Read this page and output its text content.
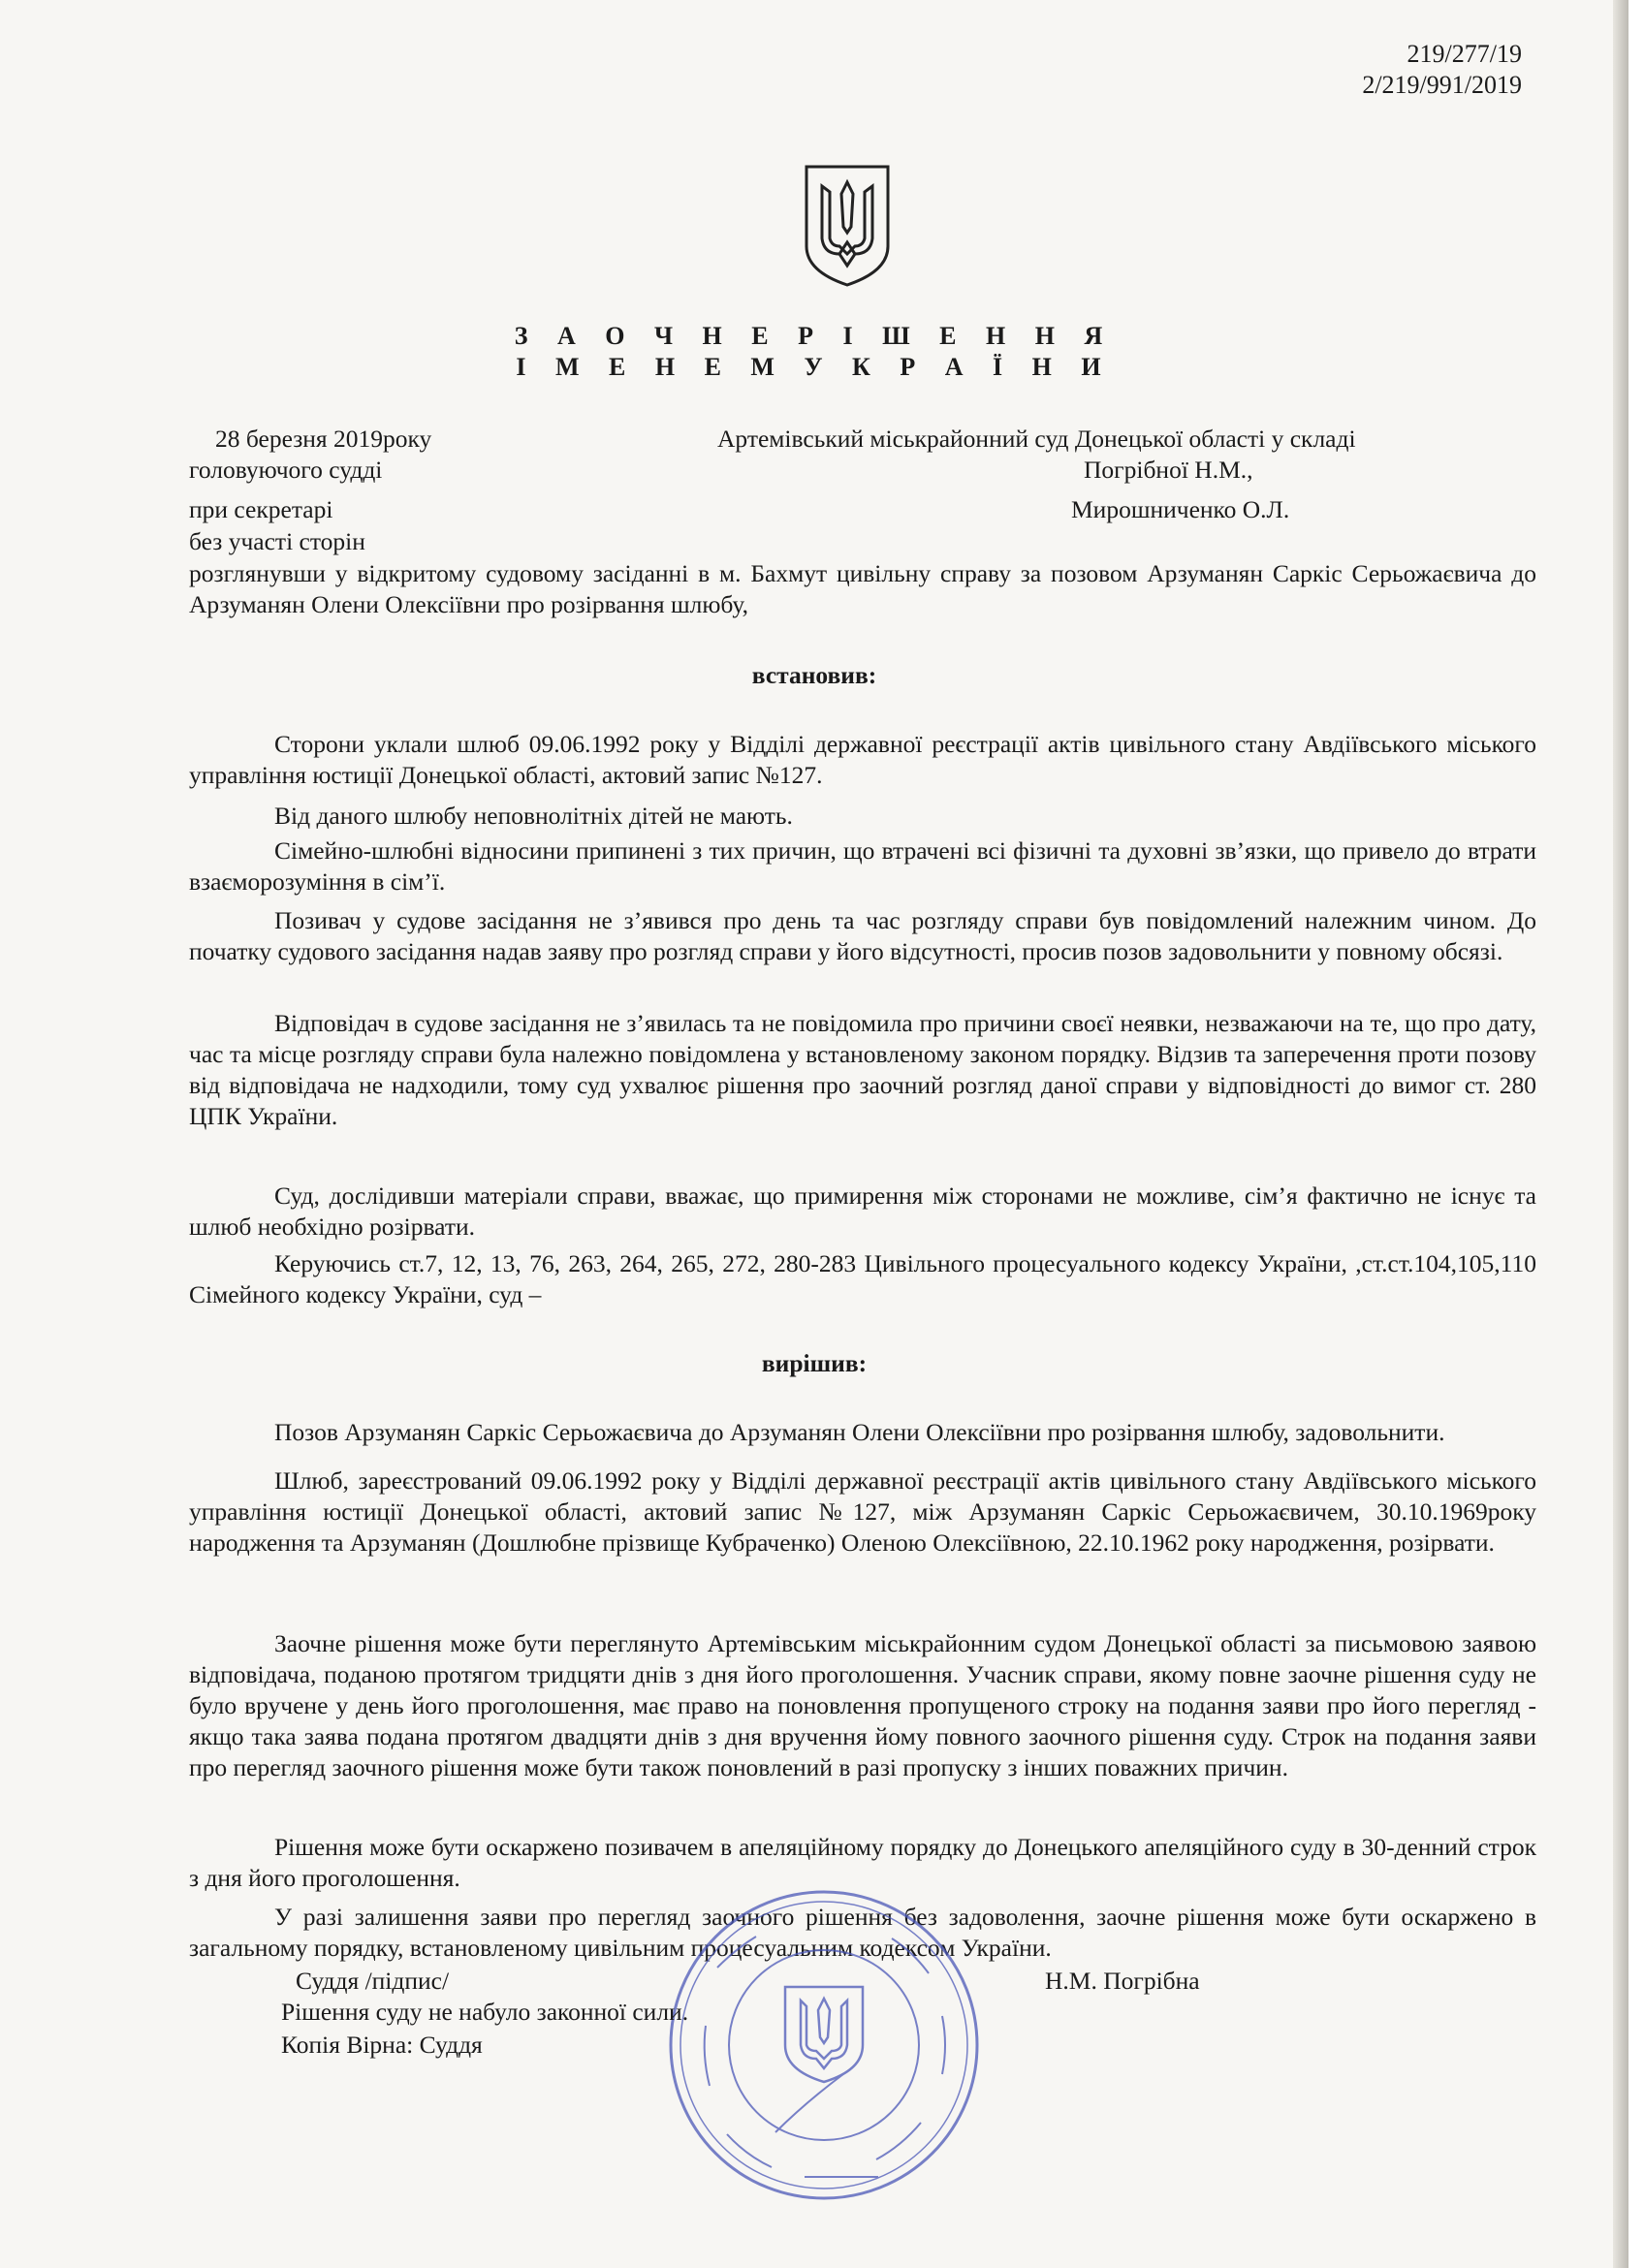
219/277/19
2/219/991/2019
З А О Ч Н Е Р І Ш Е Н Н Я
І М Е Н Е М У К Р А Ї Н И
28 березня 2019року	Артемівський міськрайонний суд Донецької області у складі
головуючого судді	Погрібної Н.М.,
при секретарі	Мирошниченко О.Л.
без участі сторін
розглянувши у відкритому судовому засіданні в м. Бахмут цивільну справу за позовом Арзуманян Саркіс Серьожаєвича до Арзуманян Олени Олексіївни про розірвання шлюбу,
встановив:
Сторони уклали шлюб 09.06.1992 року у Відділі державної реєстрації актів цивільного стану Авдіївського міського управління юстиції Донецької області, актовий запис №127.
Від даного шлюбу неповнолітніх дітей не мають.
Сімейно-шлюбні відносини припинені з тих причин, що втрачені всі фізичні та духовні зв’язки, що привело до втрати взаєморозуміння в сім’ї.
Позивач у судове засідання не з’явився про день та час розгляду справи був повідомлений належним чином. До початку судового засідання надав заяву про розгляд справи у його відсутності, просив позов задовольнити у повному обсязі.
Відповідач в судове засідання не з’явилась та не повідомила про причини своєї неявки, незважаючи на те, що про дату, час та місце розгляду справи була належно повідомлена у встановленому законом порядку. Відзив та заперечення проти позову від відповідача не надходили, тому суд ухвалює рішення про заочний розгляд даної справи у відповідності до вимог ст. 280 ЦПК України.
Суд, дослідивши матеріали справи, вважає, що примирення між сторонами не можливе, сім’я фактично не існує та шлюб необхідно розірвати.
Керуючись ст.7, 12, 13, 76, 263, 264, 265, 272, 280-283 Цивільного процесуального кодексу України, ,ст.ст.104,105,110 Сімейного кодексу України, суд –
вирішив:
Позов Арзуманян Саркіс Серьожаєвича до Арзуманян Олени Олексіївни про розірвання шлюбу, задовольнити.
Шлюб, зареєстрований 09.06.1992 року у Відділі державної реєстрації актів цивільного стану Авдіївського міського управління юстиції Донецької області, актовий запис №127, між Арзуманян Саркіс Серьожаєвичем, 30.10.1969року народження та Арзуманян (Дошлюбне прізвище Кубраченко) Оленою Олексіївною, 22.10.1962 року народження, розірвати.
Заочне рішення може бути переглянуто Артемівським міськрайонним судом Донецької області за письмовою заявою відповідача, поданою протягом тридцяти днів з дня його проголошення. Учасник справи, якому повне заочне рішення суду не було вручене у день його проголошення, має право на поновлення пропущеного строку на подання заяви про його перегляд - якщо така заява подана протягом двадцяти днів з дня вручення йому повного заочного рішення суду. Строк на подання заяви про перегляд заочного рішення може бути також поновлений в разі пропуску з інших поважних причин.
Рішення може бути оскаржено позивачем в апеляційному порядку до Донецького апеляційного суду в 30-денний строк з дня його проголошення.
У разі залишення заяви про перегляд заочного рішення без задоволення, заочне рішення може бути оскаржено в загальному порядку, встановленому цивільним процесуальним кодексом України.
Суддя /підпис/	Н.М. Погрібна
Рішення суду не набуло законної сили.
Копія Вірна: Суддя
